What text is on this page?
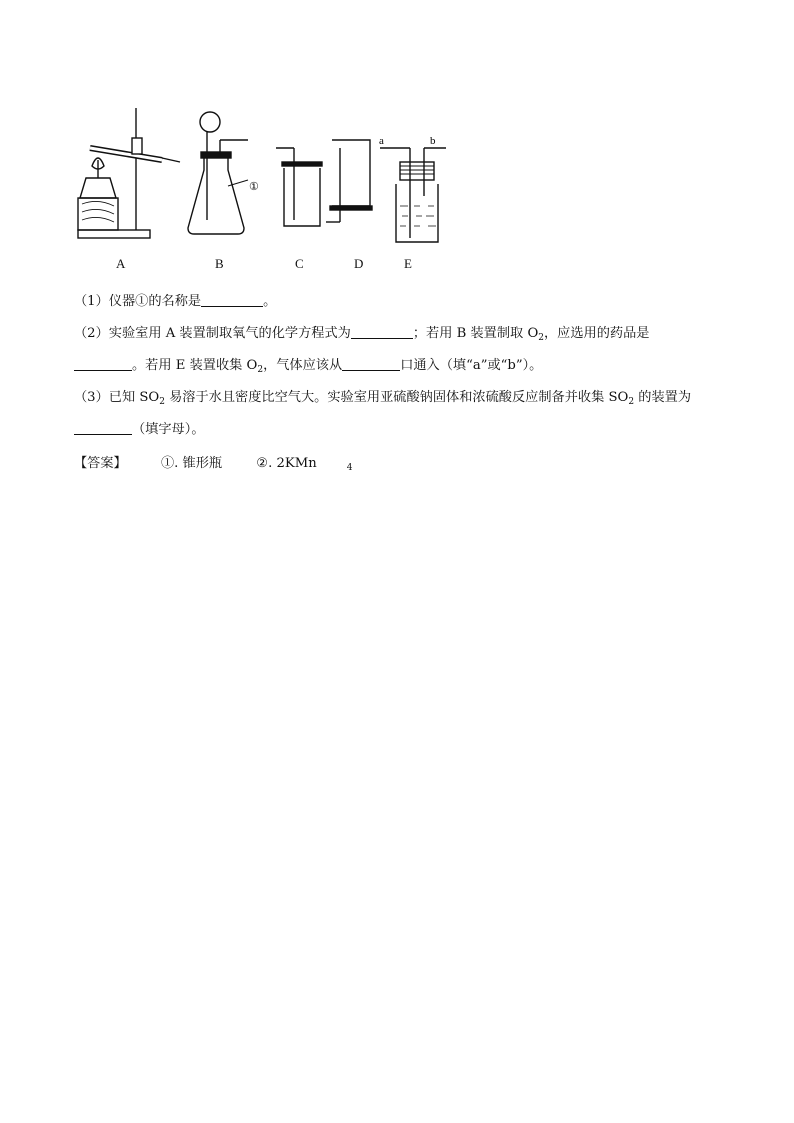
①
a	b
A	B	C	D	E
（1）仪器①的名称是	。
（2）实验室用 A 装置制取氧气的化学方程式为	；若用 B 装置制取 $O_2$，应选用的药品是
。若用 E 装置收集 $O_2$，气体应该从	口通入（填“a”或“b”）。
（3）已知 $SO_2$ 易溶于水且密度比空气大。实验室用亚硫酸钠固体和浓硫酸反应制备并收集 $SO_2$ 的装置为
（填字母）。
【答案】	①. 锥形瓶	②. 2KMn	$_4$
